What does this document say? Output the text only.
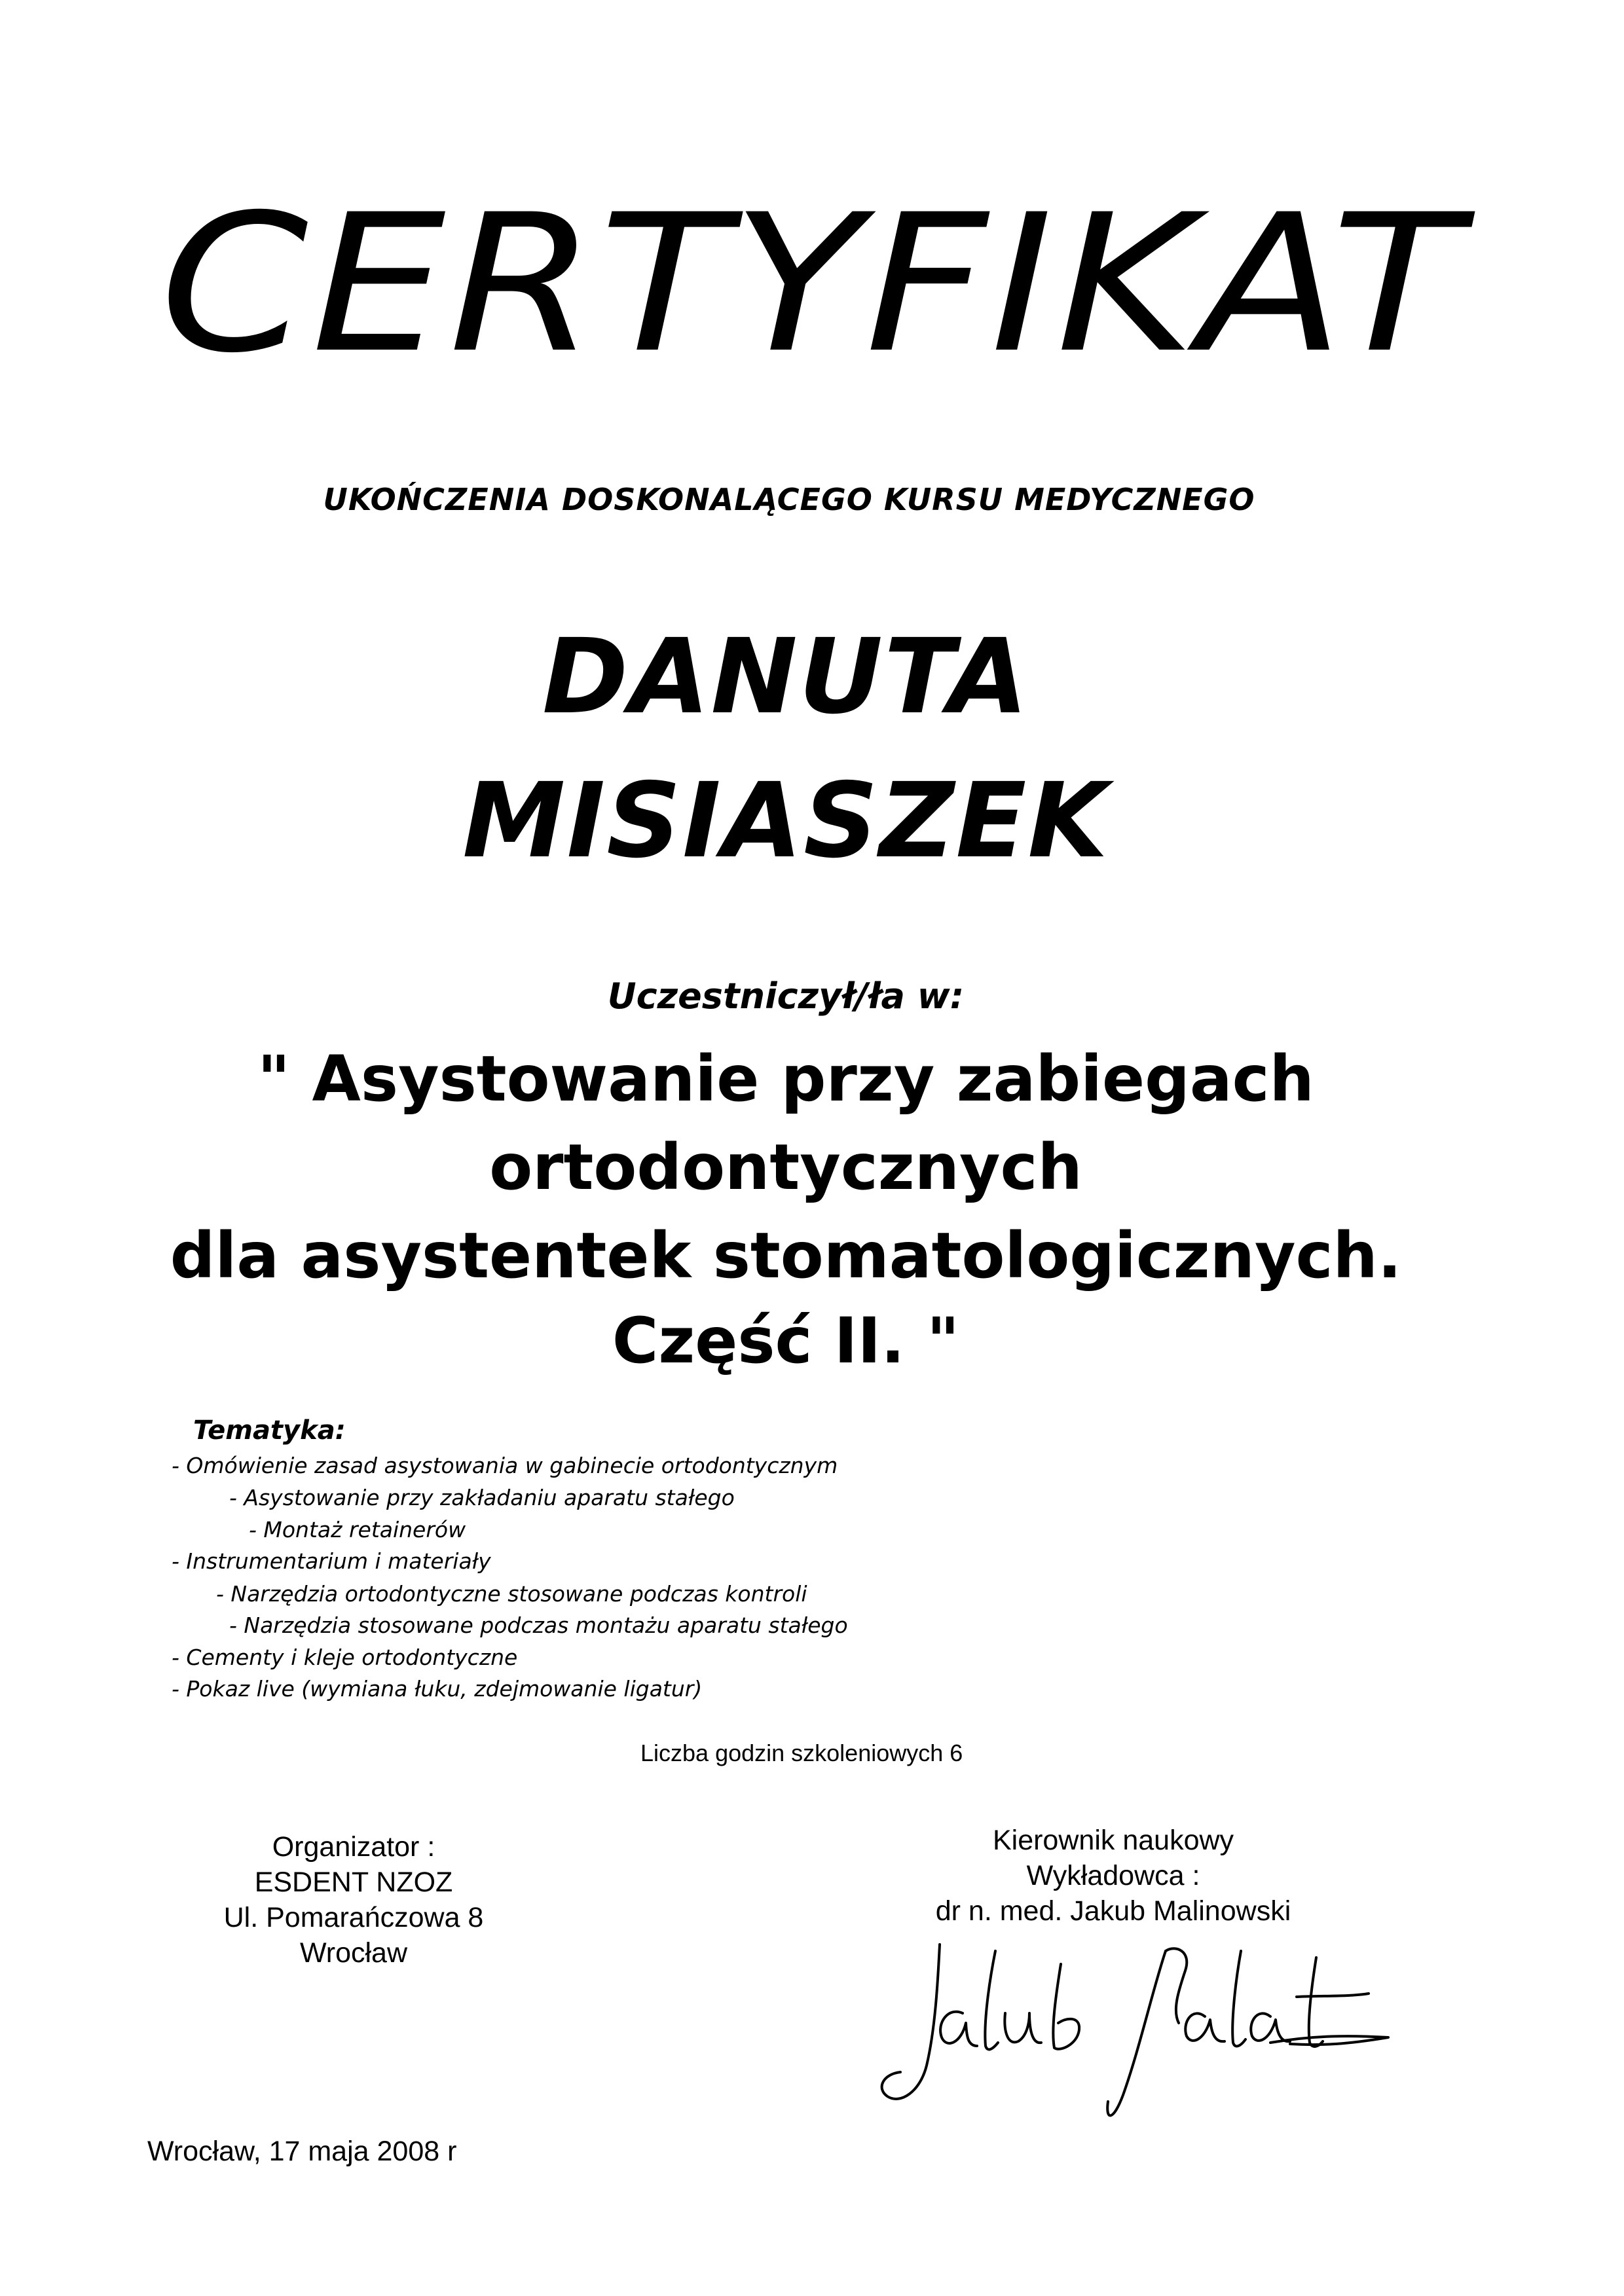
CERTYFIKAT
UKOŃCZENIA DOSKONALĄCEGO KURSU MEDYCZNEGO
DANUTA
MISIASZEK
Uczestniczył/ła w:
" Asystowanie przy zabiegach
ortodontycznych
dla asystentek stomatologicznych.
Część II. "
Tematyka:
- Omówienie zasad asystowania w gabinecie ortodontycznym
- Asystowanie przy zakładaniu aparatu stałego
- Montaż retainerów
- Instrumentarium i materiały
- Narzędzia ortodontyczne stosowane podczas kontroli
- Narzędzia stosowane podczas montażu aparatu stałego
- Cementy i kleje ortodontyczne
- Pokaz live (wymiana łuku, zdejmowanie ligatur)
Liczba godzin szkoleniowych 6
Organizator :
ESDENT NZOZ
Ul. Pomarańczowa 8
Wrocław
Kierownik naukowy
Wykładowca :
dr n. med. Jakub Malinowski
Wrocław, 17 maja 2008 r
